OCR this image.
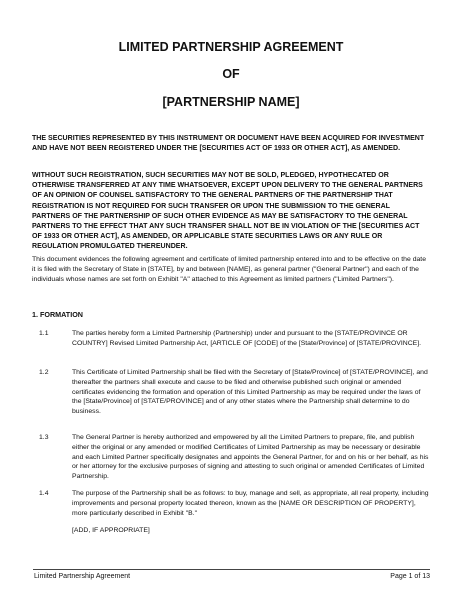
LIMITED PARTNERSHIP AGREEMENT
OF
[PARTNERSHIP NAME]
THE SECURITIES REPRESENTED BY THIS INSTRUMENT OR DOCUMENT HAVE BEEN ACQUIRED FOR INVESTMENT AND HAVE NOT BEEN REGISTERED UNDER THE [SECURITIES ACT OF 1933 OR OTHER ACT], AS AMENDED.
WITHOUT SUCH REGISTRATION, SUCH SECURITIES MAY NOT BE SOLD, PLEDGED, HYPOTHECATED OR OTHERWISE TRANSFERRED AT ANY TIME WHATSOEVER, EXCEPT UPON DELIVERY TO THE GENERAL PARTNERS OF AN OPINION OF COUNSEL SATISFACTORY TO THE GENERAL PARTNERS OF THE PARTNERSHIP THAT REGISTRATION IS NOT REQUIRED FOR SUCH TRANSFER OR UPON THE SUBMISSION TO THE GENERAL PARTNERS OF THE PARTNERSHIP OF SUCH OTHER EVIDENCE AS MAY BE SATISFACTORY TO THE GENERAL PARTNERS TO THE EFFECT THAT ANY SUCH TRANSFER SHALL NOT BE IN VIOLATION OF THE [SECURITIES ACT OF 1933 OR OTHER ACT], AS AMENDED, OR APPLICABLE STATE SECURITIES LAWS OR ANY RULE OR REGULATION PROMULGATED THEREUNDER.
This document evidences the following agreement and certificate of limited partnership entered into and to be effective on the date it is filed with the Secretary of State in [STATE], by and between [NAME], as general partner ("General Partner") and each of the individuals whose names are set forth on Exhibit "A" attached to this Agreement as limited partners ("Limited Partners").
1. FORMATION
1.1	The parties hereby form a Limited Partnership (Partnership) under and pursuant to the [STATE/PROVINCE OR COUNTRY] Revised Limited Partnership Act, [ARTICLE OF [CODE] of the [State/Province] of [STATE/PROVINCE].
1.2	This Certificate of Limited Partnership shall be filed with the Secretary of [State/Province] of [STATE/PROVINCE], and thereafter the partners shall execute and cause to be filed and otherwise published such original or amended certificates evidencing the formation and operation of this Limited Partnership as may be required under the laws of the [State/Province] of [STATE/PROVINCE] and of any other states where the Partnership shall determine to do business.
1.3	The General Partner is hereby authorized and empowered by all the Limited Partners to prepare, file, and publish either the original or any amended or modified Certificates of Limited Partnership as may be necessary or desirable and each Limited Partner specifically designates and appoints the General Partner, for and on his or her behalf, as his or her attorney for the exclusive purposes of signing and attesting to such original or amended Certificates of Limited Partnership.
1.4	The purpose of the Partnership shall be as follows: to buy, manage and sell, as appropriate, all real property, including improvements and personal property located thereon, known as the [NAME OR DESCRIPTION OF PROPERTY], more particularly described in Exhibit "B."
[ADD, IF APPROPRIATE]
Limited Partnership Agreement	Page 1 of 13
